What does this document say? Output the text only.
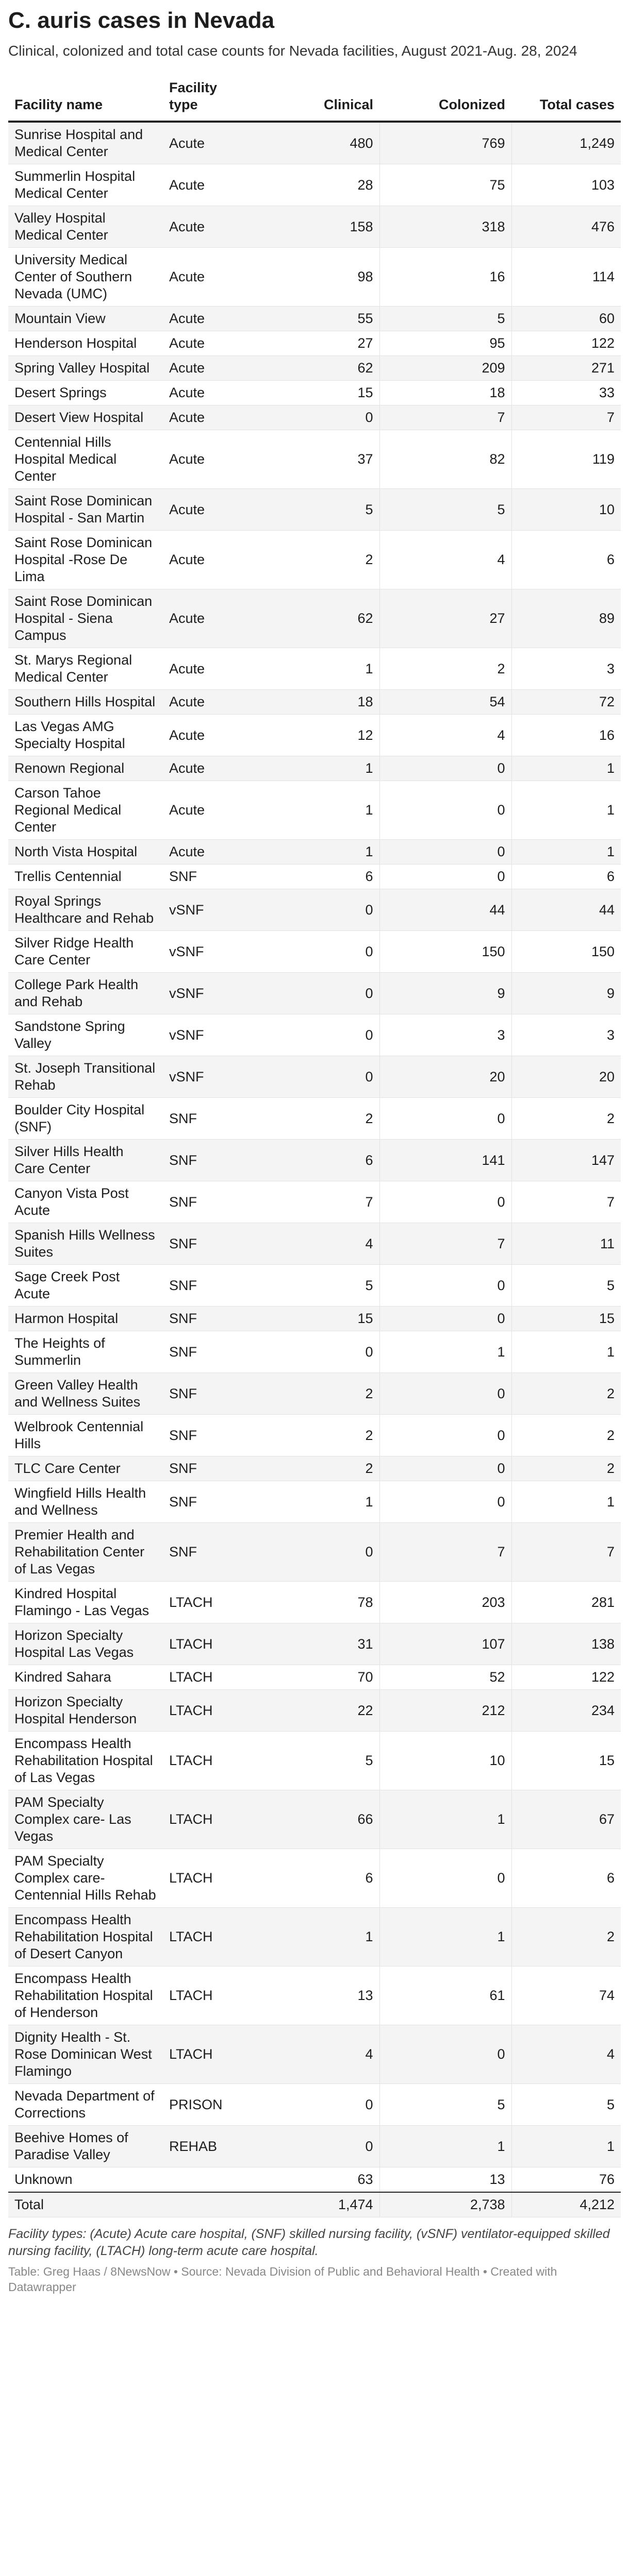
C. auris cases in Nevada
Clinical, colonized and total case counts for Nevada facilities, August 2021-Aug. 28, 2024
Facility name	Facility type	Clinical	Colonized	Total cases
Sunrise Hospital and Medical Center	Acute	480	769	1,249
Summerlin Hospital Medical Center	Acute	28	75	103
Valley Hospital Medical Center	Acute	158	318	476
University Medical Center of Southern Nevada (UMC)	Acute	98	16	114
Mountain View	Acute	55	5	60
Henderson Hospital	Acute	27	95	122
Spring Valley Hospital	Acute	62	209	271
Desert Springs	Acute	15	18	33
Desert View Hospital	Acute	0	7	7
Centennial Hills Hospital Medical Center	Acute	37	82	119
Saint Rose Dominican Hospital - San Martin	Acute	5	5	10
Saint Rose Dominican Hospital -Rose De Lima	Acute	2	4	6
Saint Rose Dominican Hospital - Siena Campus	Acute	62	27	89
St. Marys Regional Medical Center	Acute	1	2	3
Southern Hills Hospital	Acute	18	54	72
Las Vegas AMG Specialty Hospital	Acute	12	4	16
Renown Regional	Acute	1	0	1
Carson Tahoe Regional Medical Center	Acute	1	0	1
North Vista Hospital	Acute	1	0	1
Trellis Centennial	SNF	6	0	6
Royal Springs Healthcare and Rehab	vSNF	0	44	44
Silver Ridge Health Care Center	vSNF	0	150	150
College Park Health and Rehab	vSNF	0	9	9
Sandstone Spring Valley	vSNF	0	3	3
St. Joseph Transitional Rehab	vSNF	0	20	20
Boulder City Hospital (SNF)	SNF	2	0	2
Silver Hills Health Care Center	SNF	6	141	147
Canyon Vista Post Acute	SNF	7	0	7
Spanish Hills Wellness Suites	SNF	4	7	11
Sage Creek Post Acute	SNF	5	0	5
Harmon Hospital	SNF	15	0	15
The Heights of Summerlin	SNF	0	1	1
Green Valley Health and Wellness Suites	SNF	2	0	2
Welbrook Centennial Hills	SNF	2	0	2
TLC Care Center	SNF	2	0	2
Wingfield Hills Health and Wellness	SNF	1	0	1
Premier Health and Rehabilitation Center of Las Vegas	SNF	0	7	7
Kindred Hospital Flamingo - Las Vegas	LTACH	78	203	281
Horizon Specialty Hospital Las Vegas	LTACH	31	107	138
Kindred Sahara	LTACH	70	52	122
Horizon Specialty Hospital Henderson	LTACH	22	212	234
Encompass Health Rehabilitation Hospital of Las Vegas	LTACH	5	10	15
PAM Specialty Complex care- Las Vegas	LTACH	66	1	67
PAM Specialty Complex care- Centennial Hills Rehab	LTACH	6	0	6
Encompass Health Rehabilitation Hospital of Desert Canyon	LTACH	1	1	2
Encompass Health Rehabilitation Hospital of Henderson	LTACH	13	61	74
Dignity Health - St. Rose Dominican West Flamingo	LTACH	4	0	4
Nevada Department of Corrections	PRISON	0	5	5
Beehive Homes of Paradise Valley	REHAB	0	1	1
Unknown		63	13	76
Total		1,474	2,738	4,212
Facility types: (Acute) Acute care hospital, (SNF) skilled nursing facility, (vSNF) ventilator-equipped skilled nursing facility, (LTACH) long-term acute care hospital.
Table: Greg Haas / 8NewsNow • Source: Nevada Division of Public and Behavioral Health • Created with Datawrapper
